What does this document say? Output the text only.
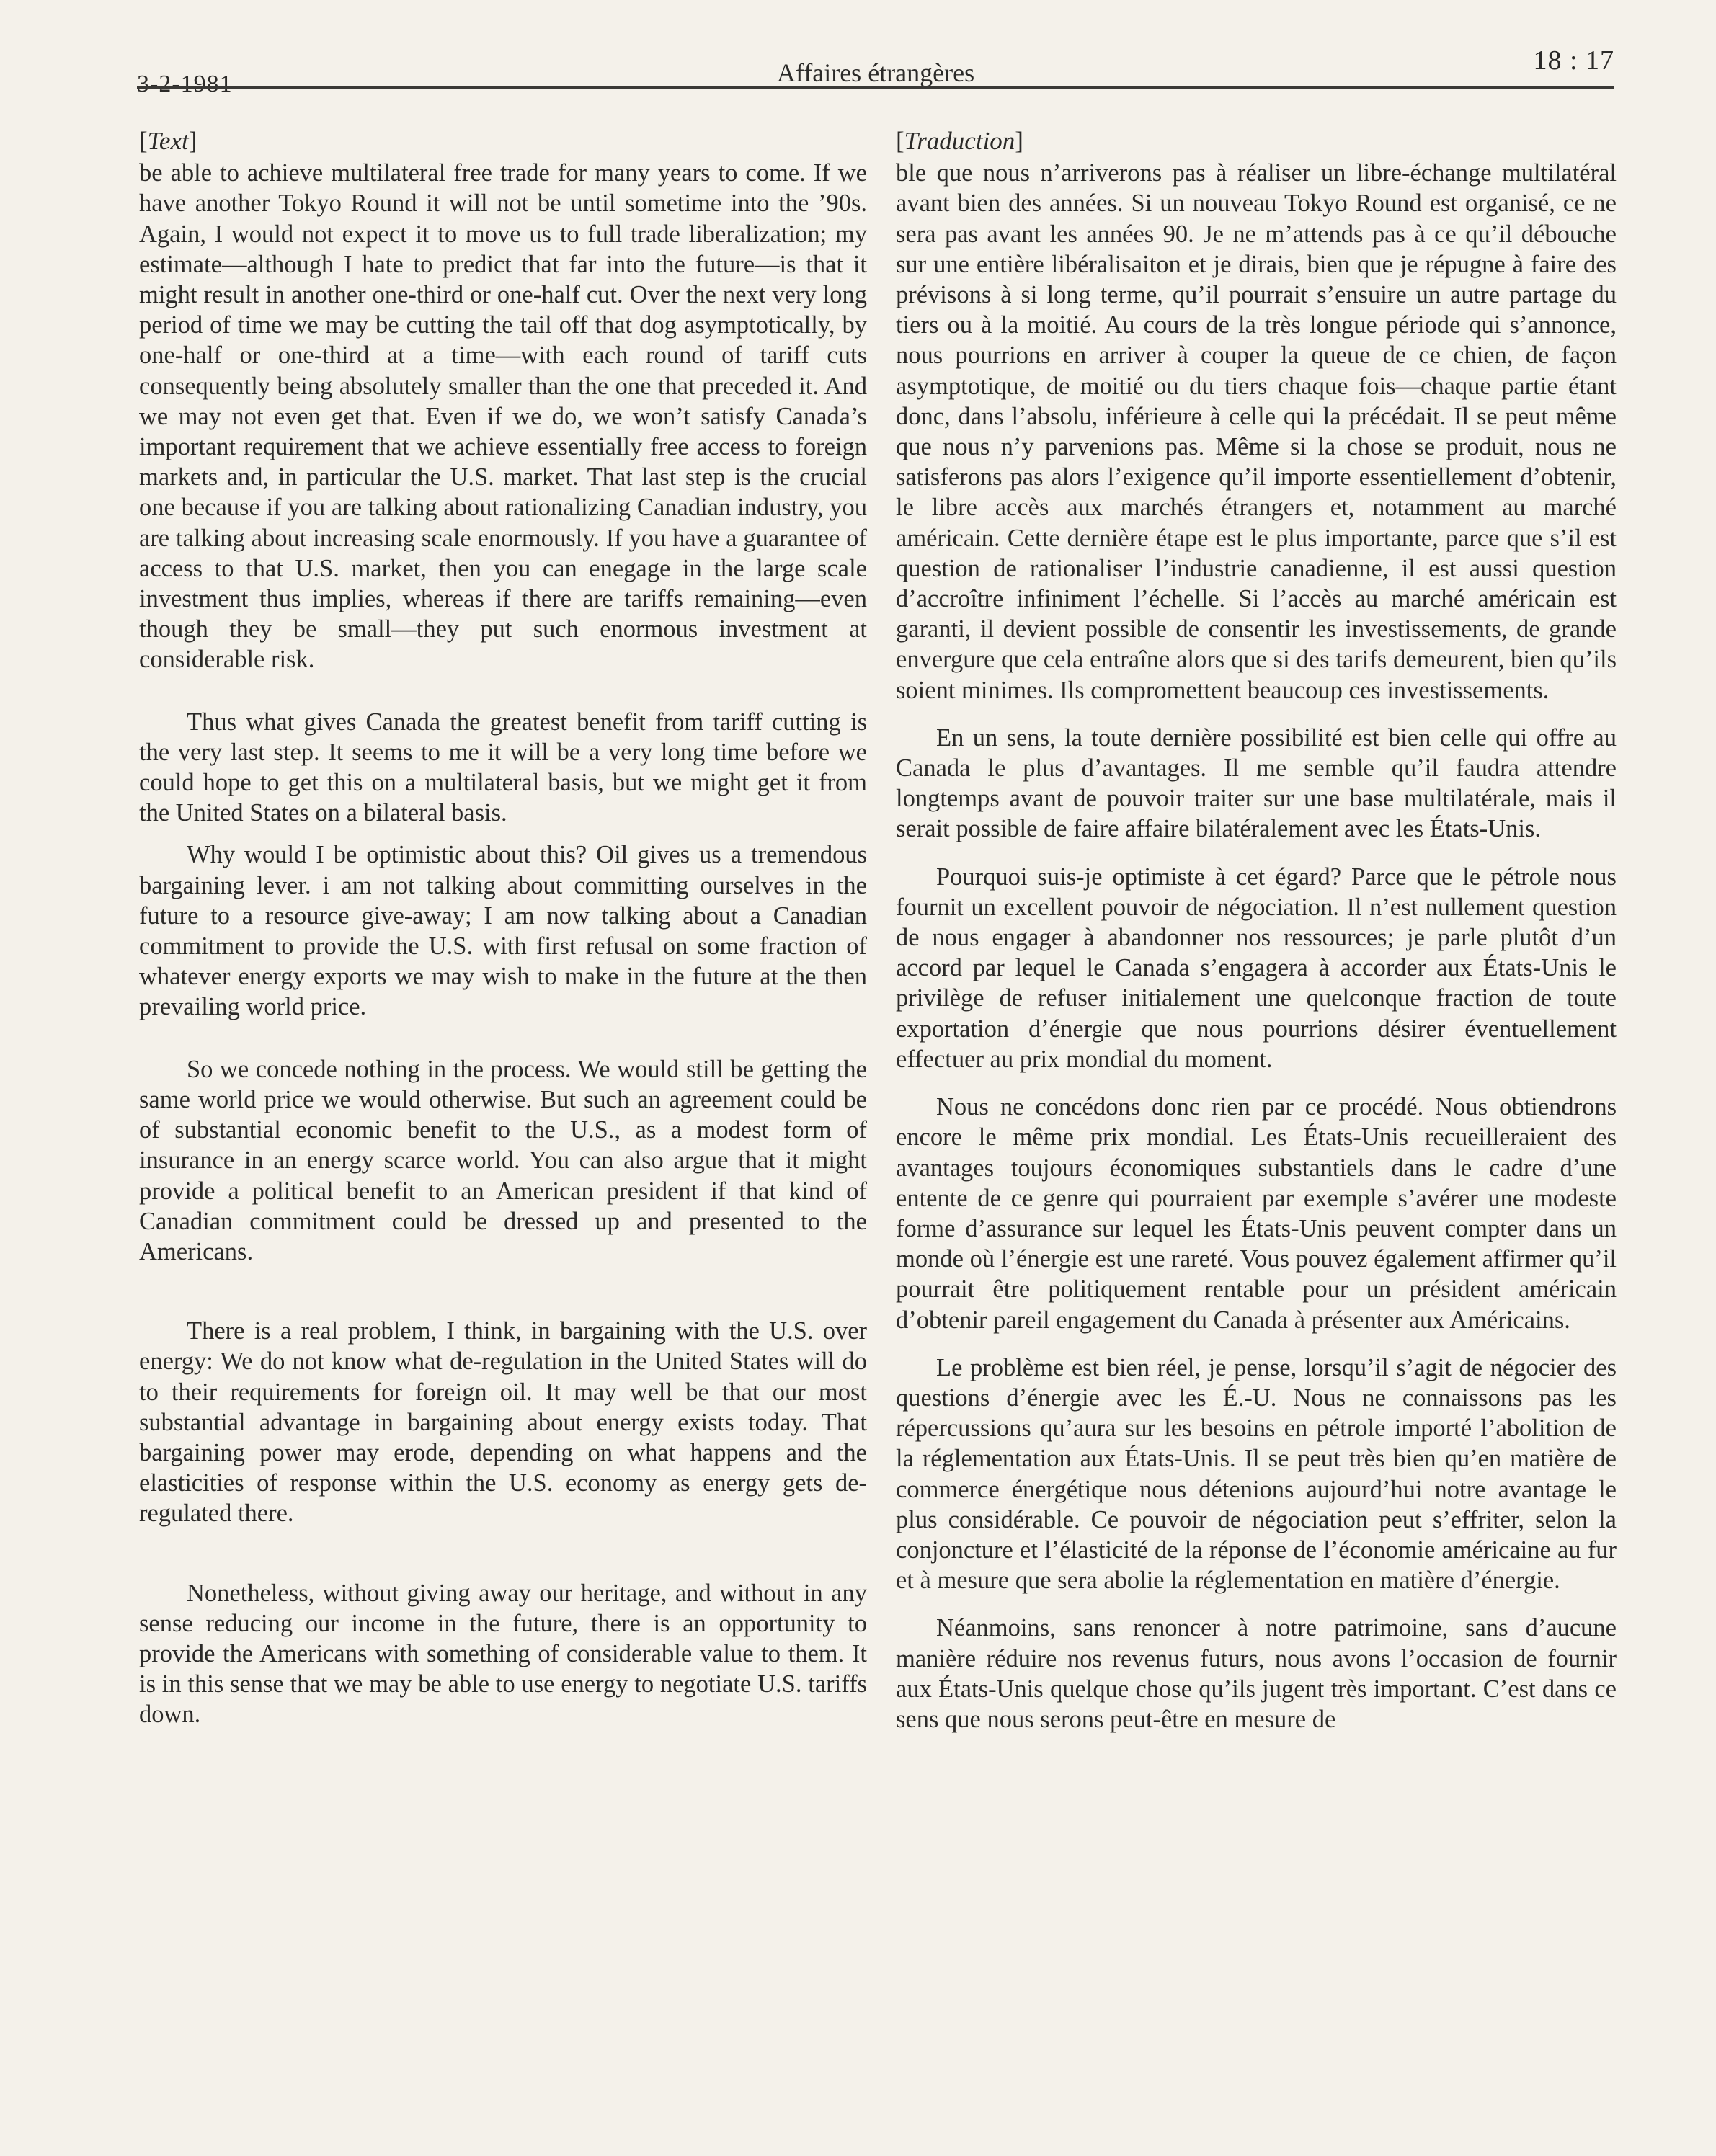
3-2-1981	Affaires étrangères	18 : 17
[Text]

be able to achieve multilateral free trade for many years to come. If we have another Tokyo Round it will not be until sometime into the ’90s. Again, I would not expect it to move us to full trade liberalization; my estimate—although I hate to predict that far into the future—is that it might result in another one-third or one-half cut. Over the next very long period of time we may be cutting the tail off that dog asymptotically, by one-half or one-third at a time—with each round of tariff cuts consequently being absolutely smaller than the one that preceded it. And we may not even get that. Even if we do, we won’t satisfy Canada’s important requirement that we achieve essentially free access to foreign markets and, in particular the U.S. market. That last step is the crucial one because if you are talking about rationalizing Canadian industry, you are talking about increasing scale enormously. If you have a guarantee of access to that U.S. market, then you can enegage in the large scale investment thus implies, whereas if there are tariffs remaining—even though they be small—they put such enormous investment at considerable risk.

Thus what gives Canada the greatest benefit from tariff cutting is the very last step. It seems to me it will be a very long time before we could hope to get this on a multilateral basis, but we might get it from the United States on a bilateral basis.

Why would I be optimistic about this? Oil gives us a tremendous bargaining lever. i am not talking about committing ourselves in the future to a resource give-away; I am now talking about a Canadian commitment to provide the U.S. with first refusal on some fraction of whatever energy exports we may wish to make in the future at the then prevailing world price.

So we concede nothing in the process. We would still be getting the same world price we would otherwise. But such an agreement could be of substantial economic benefit to the U.S., as a modest form of insurance in an energy scarce world. You can also argue that it might provide a political benefit to an American president if that kind of Canadian commitment could be dressed up and presented to the Americans.

There is a real problem, I think, in bargaining with the U.S. over energy: We do not know what de-regulation in the United States will do to their requirements for foreign oil. It may well be that our most substantial advantage in bargaining about energy exists today. That bargaining power may erode, depending on what happens and the elasticities of response within the U.S. economy as energy gets de-regulated there.

Nonetheless, without giving away our heritage, and without in any sense reducing our income in the future, there is an opportunity to provide the Americans with something of considerable value to them. It is in this sense that we may be able to use energy to negotiate U.S. tariffs down.

[Traduction]

ble que nous n’arriverons pas à réaliser un libre-échange multilatéral avant bien des années. Si un nouveau Tokyo Round est organisé, ce ne sera pas avant les années 90. Je ne m’attends pas à ce qu’il débouche sur une entière libéralisaiton et je dirais, bien que je répugne à faire des prévisons à si long terme, qu’il pourrait s’ensuire un autre partage du tiers ou à la moitié. Au cours de la très longue période qui s’annonce, nous pourrions en arriver à couper la queue de ce chien, de façon asymptotique, de moitié ou du tiers chaque fois—chaque partie étant donc, dans l’absolu, inférieure à celle qui la précédait. Il se peut même que nous n’y parvenions pas. Même si la chose se produit, nous ne satisferons pas alors l’exigence qu’il importe essentiellement d’obtenir, le libre accès aux marchés étrangers et, notamment au marché américain. Cette dernière étape est le plus importante, parce que s’il est question de rationaliser l’industrie canadienne, il est aussi question d’accroître infiniment l’échelle. Si l’accès au marché américain est garanti, il devient possible de consentir les investissements, de grande envergure que cela entraîne alors que si des tarifs demeurent, bien qu’ils soient minimes. Ils compromettent beaucoup ces investissements.

En un sens, la toute dernière possibilité est bien celle qui offre au Canada le plus d’avantages. Il me semble qu’il faudra attendre longtemps avant de pouvoir traiter sur une base multilatérale, mais il serait possible de faire affaire bilatéralement avec les États-Unis.

Pourquoi suis-je optimiste à cet égard? Parce que le pétrole nous fournit un excellent pouvoir de négociation. Il n’est nullement question de nous engager à abandonner nos ressources; je parle plutôt d’un accord par lequel le Canada s’engagera à accorder aux États-Unis le privilège de refuser initialement une quelconque fraction de toute exportation d’énergie que nous pourrions désirer éventuellement effectuer au prix mondial du moment.

Nous ne concédons donc rien par ce procédé. Nous obtiendrons encore le même prix mondial. Les États-Unis recueilleraient des avantages toujours économiques substantiels dans le cadre d’une entente de ce genre qui pourraient par exemple s’avérer une modeste forme d’assurance sur lequel les États-Unis peuvent compter dans un monde où l’énergie est une rareté. Vous pouvez également affirmer qu’il pourrait être politiquement rentable pour un président américain d’obtenir pareil engagement du Canada à présenter aux Américains.

Le problème est bien réel, je pense, lorsqu’il s’agit de négocier des questions d’énergie avec les É.-U. Nous ne connaissons pas les répercussions qu’aura sur les besoins en pétrole importé l’abolition de la réglementation aux États-Unis. Il se peut très bien qu’en matière de commerce énergétique nous détenions aujourd’hui notre avantage le plus considérable. Ce pouvoir de négociation peut s’effriter, selon la conjoncture et l’élasticité de la réponse de l’économie américaine au fur et à mesure que sera abolie la réglementation en matière d’énergie.

Néanmoins, sans renoncer à notre patrimoine, sans d’aucune manière réduire nos revenus futurs, nous avons l’occasion de fournir aux États-Unis quelque chose qu’ils jugent très important. C’est dans ce sens que nous serons peut-être en mesure de
